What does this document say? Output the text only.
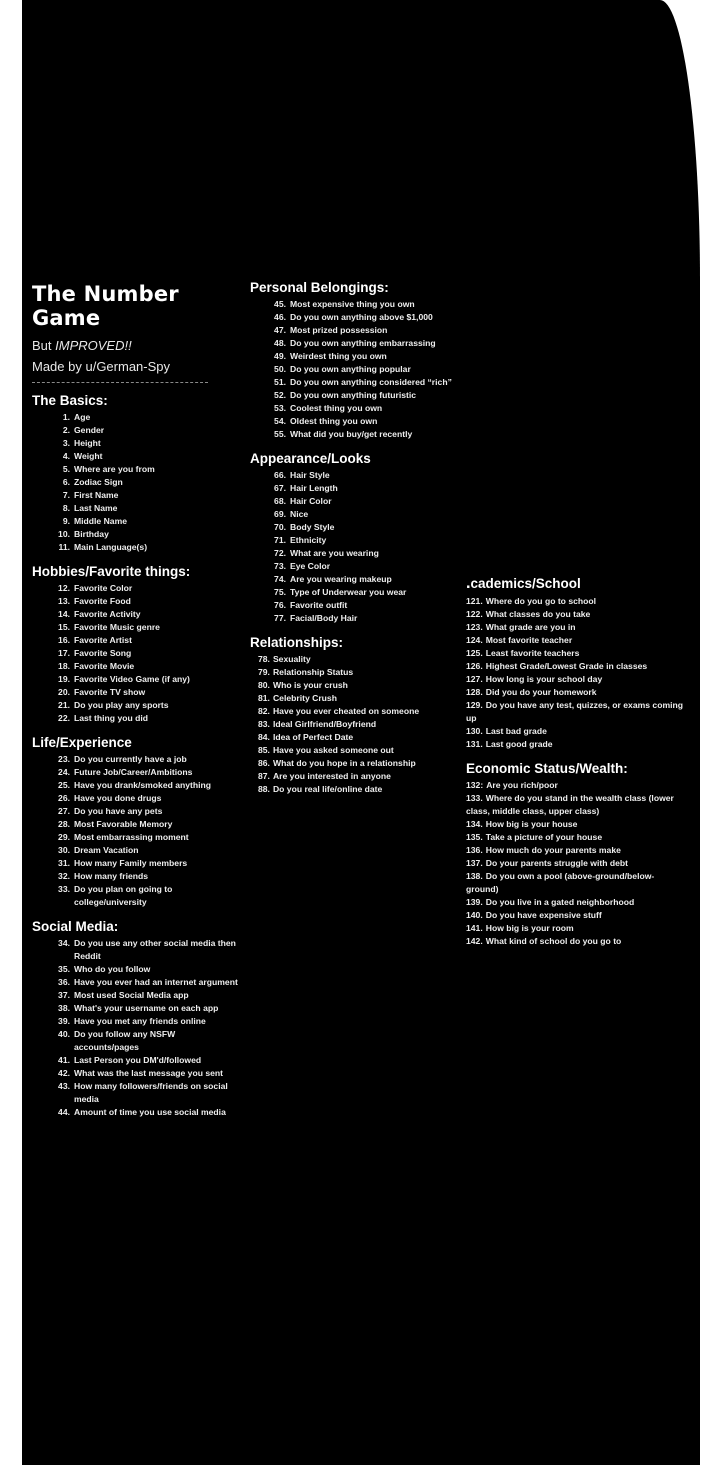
The Number Game
But IMPROVED!!
Made by u/German-Spy
The Basics:
1. Age
2. Gender
3. Height
4. Weight
5. Where are you from
6. Zodiac Sign
7. First Name
8. Last Name
9. Middle Name
10. Birthday
11. Main Language(s)
Hobbies/Favorite things:
12. Favorite Color
13. Favorite Food
14. Favorite Activity
15. Favorite Music genre
16. Favorite Artist
17. Favorite Song
18. Favorite Movie
19. Favorite Video Game (if any)
20. Favorite TV show
21. Do you play any sports
22. Last thing you did
Life/Experience
23. Do you currently have a job
24. Future Job/Career/Ambitions
25. Have you drank/smoked anything
26. Have you done drugs
27. Do you have any pets
28. Most Favorable Memory
29. Most embarrassing moment
30. Dream Vacation
31. How many Family members
32. How many friends
33. Do you plan on going to college/university
Social Media:
34. Do you use any other social media then Reddit
35. Who do you follow
36. Have you ever had an internet argument
37. Most used Social Media app
38. What's your username on each app
39. Have you met any friends online
40. Do you follow any NSFW accounts/pages
41. Last Person you DM'd/followed
42. What was the last message you sent
43. How many followers/friends on social media
44. Amount of time you use social media
Personal Belongings:
45. Most expensive thing you own
46. Do you own anything above $1,000
47. Most prized possession
48. Do you own anything embarrassing
49. Weirdest thing you own
50. Do you own anything popular
51. Do you own anything considered “rich”
52. Do you own anything futuristic
53. Coolest thing you own
54. Oldest thing you own
55. What did you buy/get recently
Appearance/Looks
66. Hair Style
67. Hair Length
68. Hair Color
69. Nice
70. Body Style
71. Ethnicity
72. What are you wearing
73. Eye Color
74. Are you wearing makeup
75. Type of Underwear you wear
76. Favorite outfit
77. Facial/Body Hair
Relationships:
78. Sexuality
79. Relationship Status
80. Who is your crush
81. Celebrity Crush
82. Have you ever cheated on someone
83. Ideal Girlfriend/Boyfriend
84. Idea of Perfect Date
85. Have you asked someone out
86. What do you hope in a relationship
87. Are you interested in anyone
88. Do you real life/online date
․cademics/School
121. Where do you go to school
122. What classes do you take
123. What grade are you in
124. Most favorite teacher
125. Least favorite teachers
126. Highest Grade/Lowest Grade in classes
127. How long is your school day
128. Did you do your homework
129. Do you have any test, quizzes, or exams coming up
130. Last bad grade
131. Last good grade
Economic Status/Wealth:
132: Are you rich/poor
133. Where do you stand in the wealth class (lower class, middle class, upper class)
134. How big is your house
135. Take a picture of your house
136. How much do your parents make
137. Do your parents struggle with debt
138. Do you own a pool (above-ground/below-ground)
139. Do you live in a gated neighborhood
140. Do you have expensive stuff
141. How big is your room
142. What kind of school do you go to
